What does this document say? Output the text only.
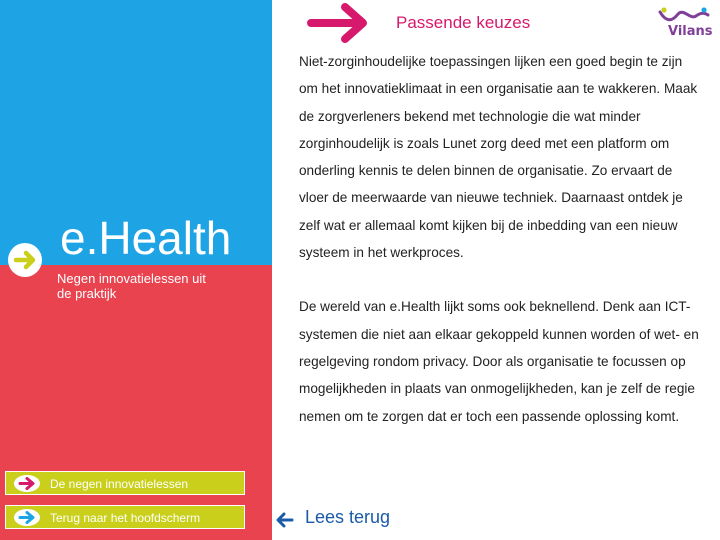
e.Health
Negen innovatielessen uit de praktijk
Passende keuzes	Vilans

Niet-zorginhoudelijke toepassingen lijken een goed begin te zijn om het innovatieklimaat in een organisatie aan te wakkeren. Maak de zorgverleners bekend met technologie die wat minder zorginhoudelijk is zoals Lunet zorg deed met een platform om onderling kennis te delen binnen de organisatie. Zo ervaart de vloer de meerwaarde van nieuwe techniek. Daarnaast ontdek je zelf wat er allemaal komt kijken bij de inbedding van een nieuw systeem in het werkproces.

De wereld van e.Health lijkt soms ook beknellend. Denk aan ICT-systemen die niet aan elkaar gekoppeld kunnen worden of wet- en regelgeving rondom privacy. Door als organisatie te focussen op mogelijkheden in plaats van onmogelijkheden, kan je zelf de regie nemen om te zorgen dat er toch een passende oplossing komt.

De negen innovatielessen
Terug naar het hoofdscherm	Lees terug
